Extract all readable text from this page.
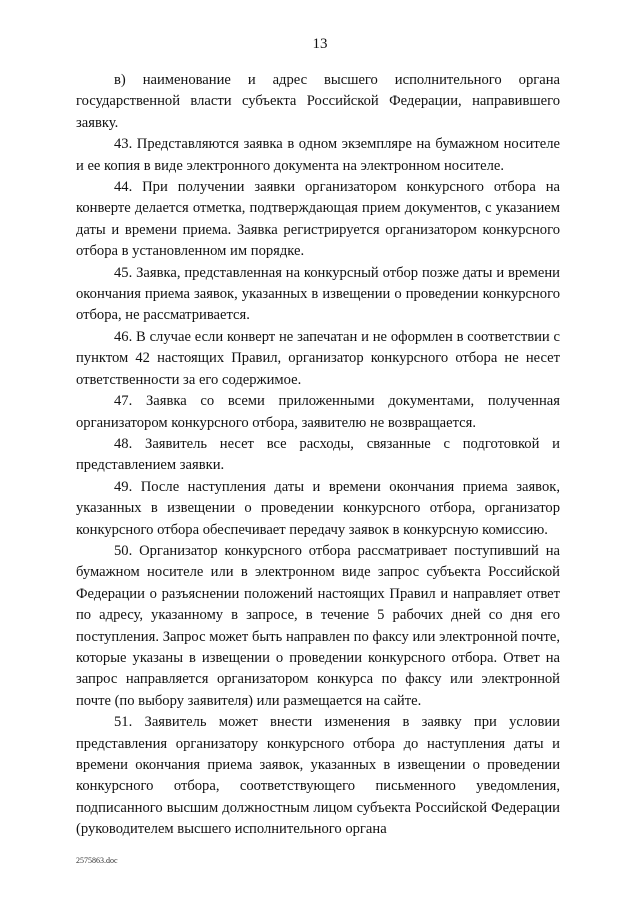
13

в) наименование и адрес высшего исполнительного органа государственной власти субъекта Российской Федерации, направившего заявку.

43. Представляются заявка в одном экземпляре на бумажном носителе и ее копия в виде электронного документа на электронном носителе.

44. При получении заявки организатором конкурсного отбора на конверте делается отметка, подтверждающая прием документов, с указанием даты и времени приема. Заявка регистрируется организатором конкурсного отбора в установленном им порядке.

45. Заявка, представленная на конкурсный отбор позже даты и времени окончания приема заявок, указанных в извещении о проведении конкурсного отбора, не рассматривается.

46. В случае если конверт не запечатан и не оформлен в соответствии с пунктом 42 настоящих Правил, организатор конкурсного отбора не несет ответственности за его содержимое.

47. Заявка со всеми приложенными документами, полученная организатором конкурсного отбора, заявителю не возвращается.

48. Заявитель несет все расходы, связанные с подготовкой и представлением заявки.

49. После наступления даты и времени окончания приема заявок, указанных в извещении о проведении конкурсного отбора, организатор конкурсного отбора обеспечивает передачу заявок в конкурсную комиссию.

50. Организатор конкурсного отбора рассматривает поступивший на бумажном носителе или в электронном виде запрос субъекта Российской Федерации о разъяснении положений настоящих Правил и направляет ответ по адресу, указанному в запросе, в течение 5 рабочих дней со дня его поступления. Запрос может быть направлен по факсу или электронной почте, которые указаны в извещении о проведении конкурсного отбора. Ответ на запрос направляется организатором конкурса по факсу или электронной почте (по выбору заявителя) или размещается на сайте.

51. Заявитель может внести изменения в заявку при условии представления организатору конкурсного отбора до наступления даты и времени окончания приема заявок, указанных в извещении о проведении конкурсного отбора, соответствующего письменного уведомления, подписанного высшим должностным лицом субъекта Российской Федерации (руководителем высшего исполнительного органа

2575863.doc
